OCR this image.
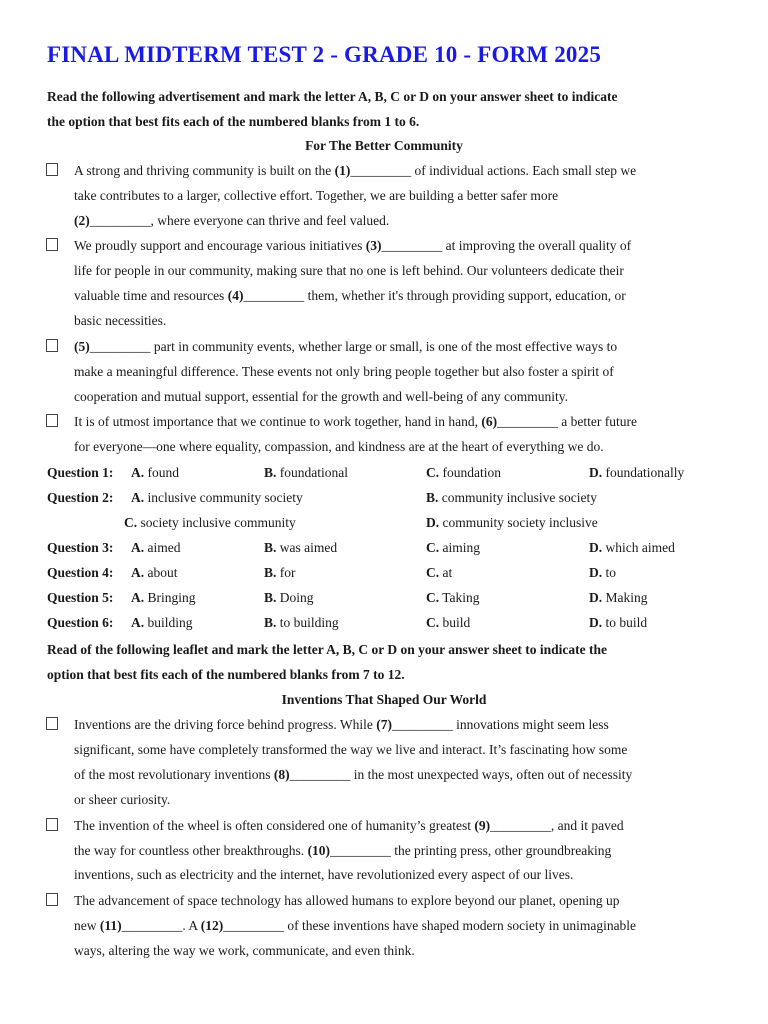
FINAL MIDTERM TEST 2 - GRADE 10 - FORM 2025
Read the following advertisement and mark the letter A, B, C or D on your answer sheet to indicate
the option that best fits each of the numbered blanks from 1 to 6.
For The Better Community
A strong and thriving community is built on the (1)_________ of individual actions. Each small step we
take contributes to a larger, collective effort. Together, we are building a better safer more
(2)_________, where everyone can thrive and feel valued.
We proudly support and encourage various initiatives (3)_________ at improving the overall quality of
life for people in our community, making sure that no one is left behind. Our volunteers dedicate their
valuable time and resources (4)_________ them, whether it's through providing support, education, or
basic necessities.
(5)_________ part in community events, whether large or small, is one of the most effective ways to
make a meaningful difference. These events not only bring people together but also foster a spirit of
cooperation and mutual support, essential for the growth and well-being of any community.
It is of utmost importance that we continue to work together, hand in hand, (6)_________ a better future
for everyone—one where equality, compassion, and kindness are at the heart of everything we do.
Question 1: A. found	B. foundational	C. foundation	D. foundationally
Question 2: A. inclusive community society	B. community inclusive society
C. society inclusive community	D. community society inclusive
Question 3: A. aimed	B. was aimed	C. aiming	D. which aimed
Question 4: A. about	B. for	C. at	D. to
Question 5: A. Bringing	B. Doing	C. Taking	D. Making
Question 6: A. building	B. to building	C. build	D. to build
Read of the following leaflet and mark the letter A, B, C or D on your answer sheet to indicate the
option that best fits each of the numbered blanks from 7 to 12.
Inventions That Shaped Our World
Inventions are the driving force behind progress. While (7)_________ innovations might seem less
significant, some have completely transformed the way we live and interact. It’s fascinating how some
of the most revolutionary inventions (8)_________ in the most unexpected ways, often out of necessity
or sheer curiosity.
The invention of the wheel is often considered one of humanity’s greatest (9)_________, and it paved
the way for countless other breakthroughs. (10)_________ the printing press, other groundbreaking
inventions, such as electricity and the internet, have revolutionized every aspect of our lives.
The advancement of space technology has allowed humans to explore beyond our planet, opening up
new (11)_________. A (12)_________ of these inventions have shaped modern society in unimaginable
ways, altering the way we work, communicate, and even think.
